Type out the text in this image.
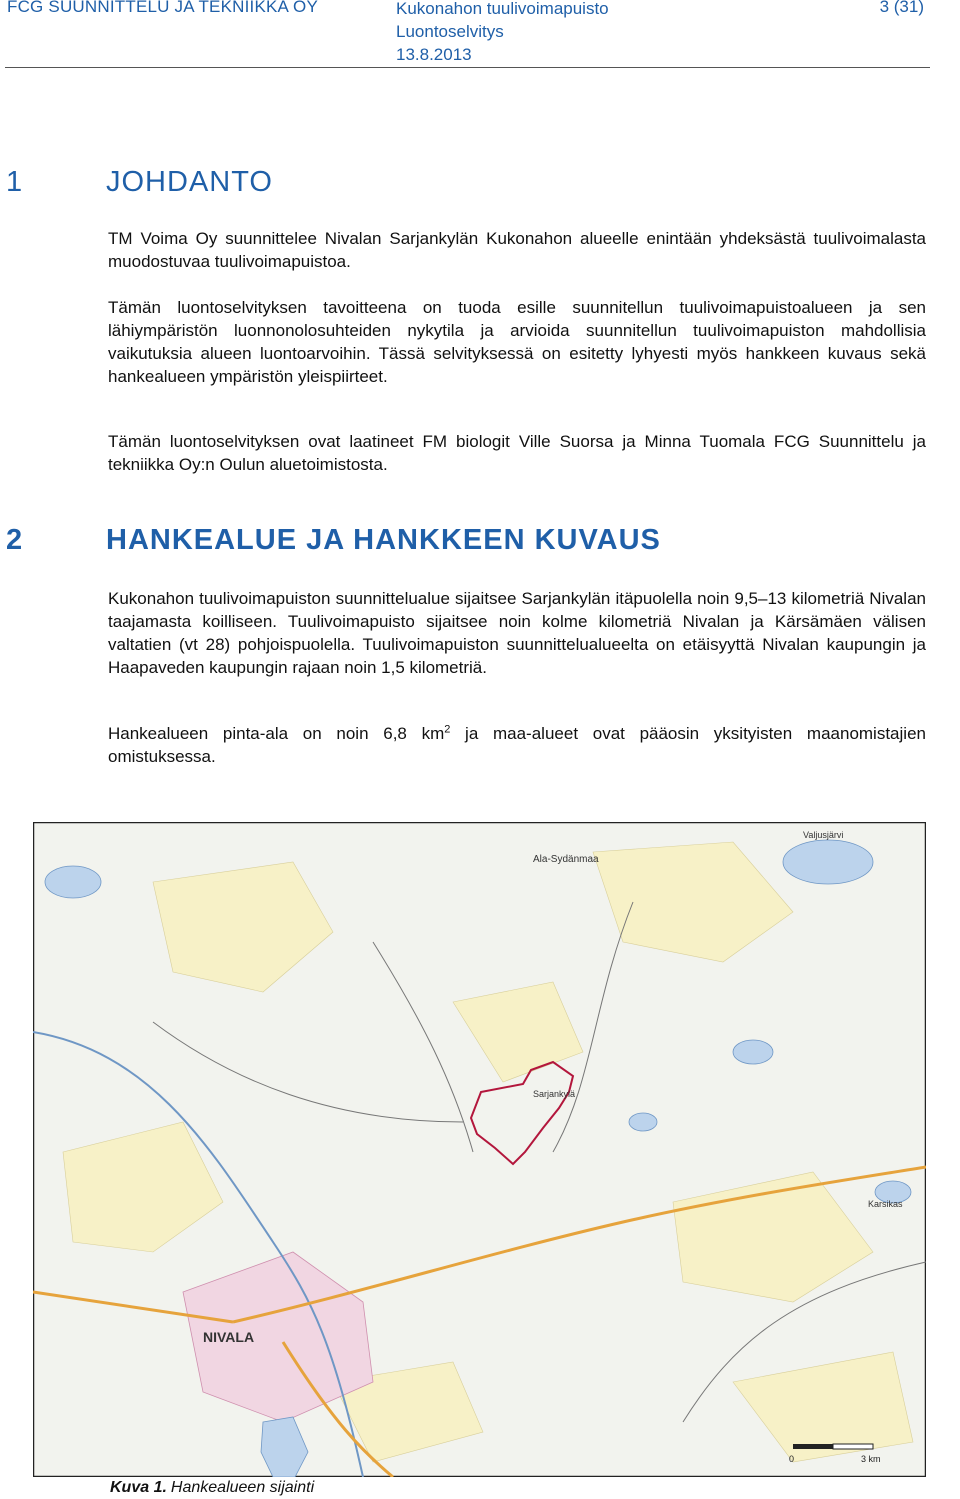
FCG SUUNNITTELU JA TEKNIIKKA OY	Kukonahon tuulivoimapuisto
Luontoselvitys
13.8.2013
3 (31)
1	JOHDANTO

TM Voima Oy suunnittelee Nivalan Sarjankylän Kukonahon alueelle enintään yhdeksästä tuulivoimalasta muodostuvaa tuulivoimapuistoa.

Tämän luontoselvityksen tavoitteena on tuoda esille suunnitellun tuulivoimapuistoalueen ja sen lähiympäristön luonnonolosuhteiden nykytila ja arvioida suunnitellun tuulivoimapuiston mahdollisia vaikutuksia alueen luontoarvoihin. Tässä selvityksessä on esitetty lyhyesti myös hankkeen kuvaus sekä hankealueen ympäristön yleispiirteet.

Tämän luontoselvityksen ovat laatineet FM biologit Ville Suorsa ja Minna Tuomala FCG Suunnittelu ja tekniikka Oy:n Oulun aluetoimistosta.

2	HANKEALUE JA HANKKEEN KUVAUS

Kukonahon tuulivoimapuiston suunnittelualue sijaitsee Sarjankylän itäpuolella noin 9,5–13 kilometriä Nivalan taajamasta koilliseen. Tuulivoimapuisto sijaitsee noin kolme kilometriä Nivalan ja Kärsämäen välisen valtatien (vt 28) pohjoispuolella. Tuulivoimapuiston suunnittelualueelta on etäisyyttä Nivalan kaupungin ja Haapaveden kaupungin rajaan noin 1,5 kilometriä.

Hankealueen pinta-ala on noin 6,8 $km^2$ ja maa-alueet ovat pääosin yksityisten maanomistajien omistuksessa.

NIVALA
Ala-Sydänmaa
Sarjankylä
Karsikas
Valjusjärvi
0	3 km
Kuva 1. Hankealueen sijainti
